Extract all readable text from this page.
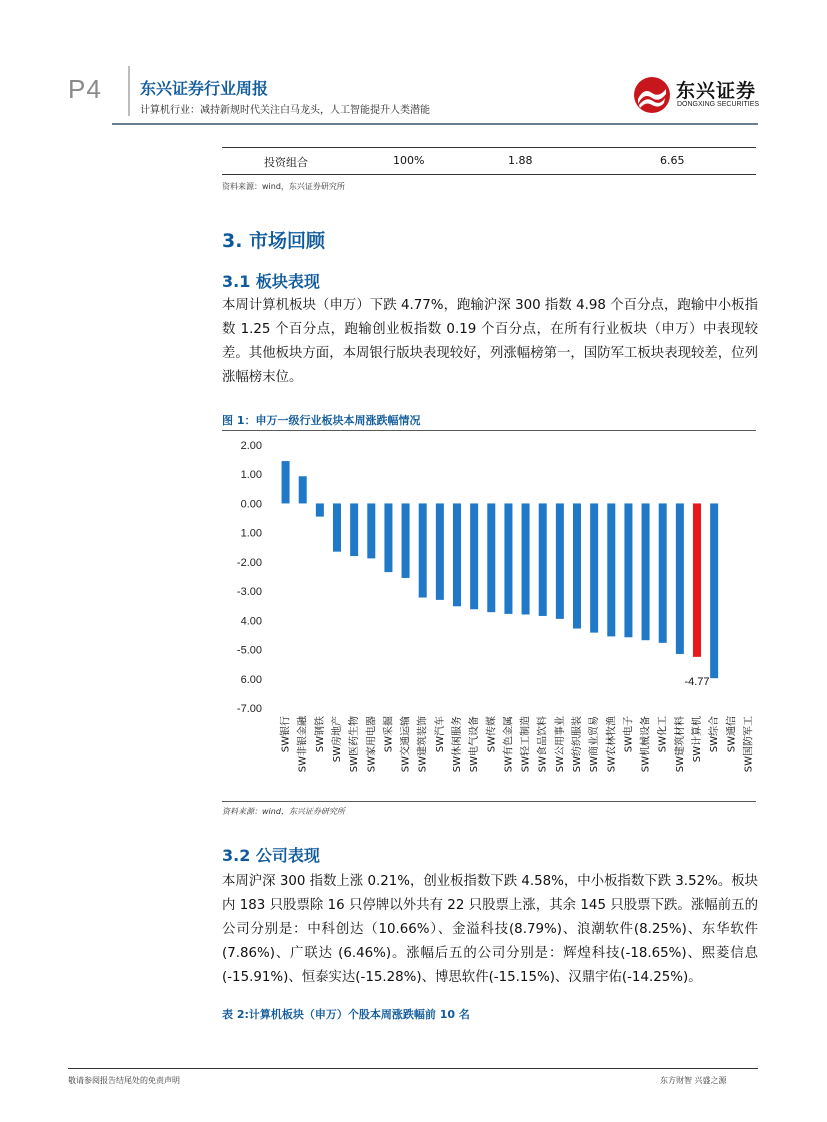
P4 东兴证券行业周报
计算机行业：减持新规时代关注白马龙头，人工智能提升人类潜能
东兴证券
DONGXING SECURITIES
投资组合	100%	1.88	6.65
资料来源：wind，东兴证券研究所
3. 市场回顾
3.1 板块表现
本周计算机板块（申万）下跌 4.77%，跑输沪深 300 指数 4.98 个百分点，跑输中小板指数 1.25 个百分点，跑输创业板指数 0.19 个百分点，在所有行业板块（申万）中表现较差。其他板块方面，本周银行版块表现较好，列涨幅榜第一，国防军工板块表现较差，位列涨幅榜末位。
图 1：申万一级行业板块本周涨跌幅情况
2.00
1.00
0.00
1.00
-2.00
-3.00
4.00
-5.00
6.00
-7.00
SW银行 SW非银金融 SW钢铁 SW房地产 SW医药生物 SW家用电器 SW采掘 SW交通运输 SW建筑装饰 SW汽车 SW休闲服务 SW电气设备 SW传媒 SW有色金属 SW轻工制造 SW食品饮料 SW公用事业 SW纺织服装 SW商业贸易 SW农林牧渔 SW电子 SW机械设备 SW化工 SW建筑材料
-4.77
SW计算机 SW综合 SW通信 SW国防军工
资料来源：wind，东兴证券研究所
3.2 公司表现
本周沪深 300 指数上涨 0.21%，创业板指数下跌 4.58%，中小板指数下跌 3.52%。板块内 183 只股票除 16 只停牌以外共有 22 只股票上涨，其余 145 只股票下跌。涨幅前五的公司分别是：中科创达（10.66%）、金溢科技(8.79%)、浪潮软件(8.25%)、东华软件(7.86%)、广联达 (6.46%)。涨幅后五的公司分别是：辉煌科技(-18.65%)、熙菱信息(-15.91%)、恒泰实达(-15.28%)、博思软件(-15.15%)、汉鼎宇佑(-14.25%)。
表 2:计算机板块（申万）个股本周涨跌幅前 10 名
敬请参阅报告结尾处的免责声明	东方财智 兴盛之源
